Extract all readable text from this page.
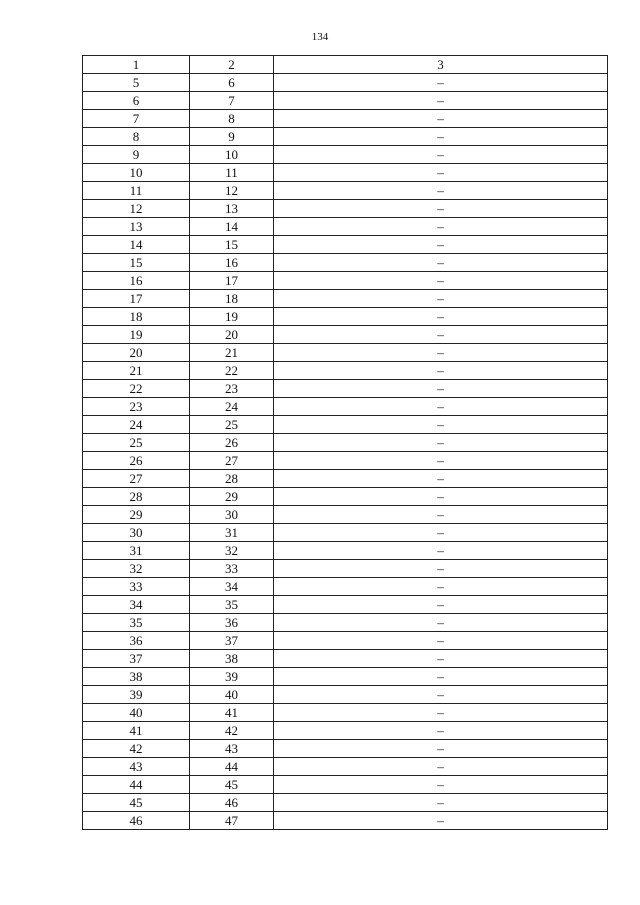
134
1	2	3
5	6	–
6	7	–
7	8	–
8	9	–
9	10	–
10	11	–
11	12	–
12	13	–
13	14	–
14	15	–
15	16	–
16	17	–
17	18	–
18	19	–
19	20	–
20	21	–
21	22	–
22	23	–
23	24	–
24	25	–
25	26	–
26	27	–
27	28	–
28	29	–
29	30	–
30	31	–
31	32	–
32	33	–
33	34	–
34	35	–
35	36	–
36	37	–
37	38	–
38	39	–
39	40	–
40	41	–
41	42	–
42	43	–
43	44	–
44	45	–
45	46	–
46	47	–
